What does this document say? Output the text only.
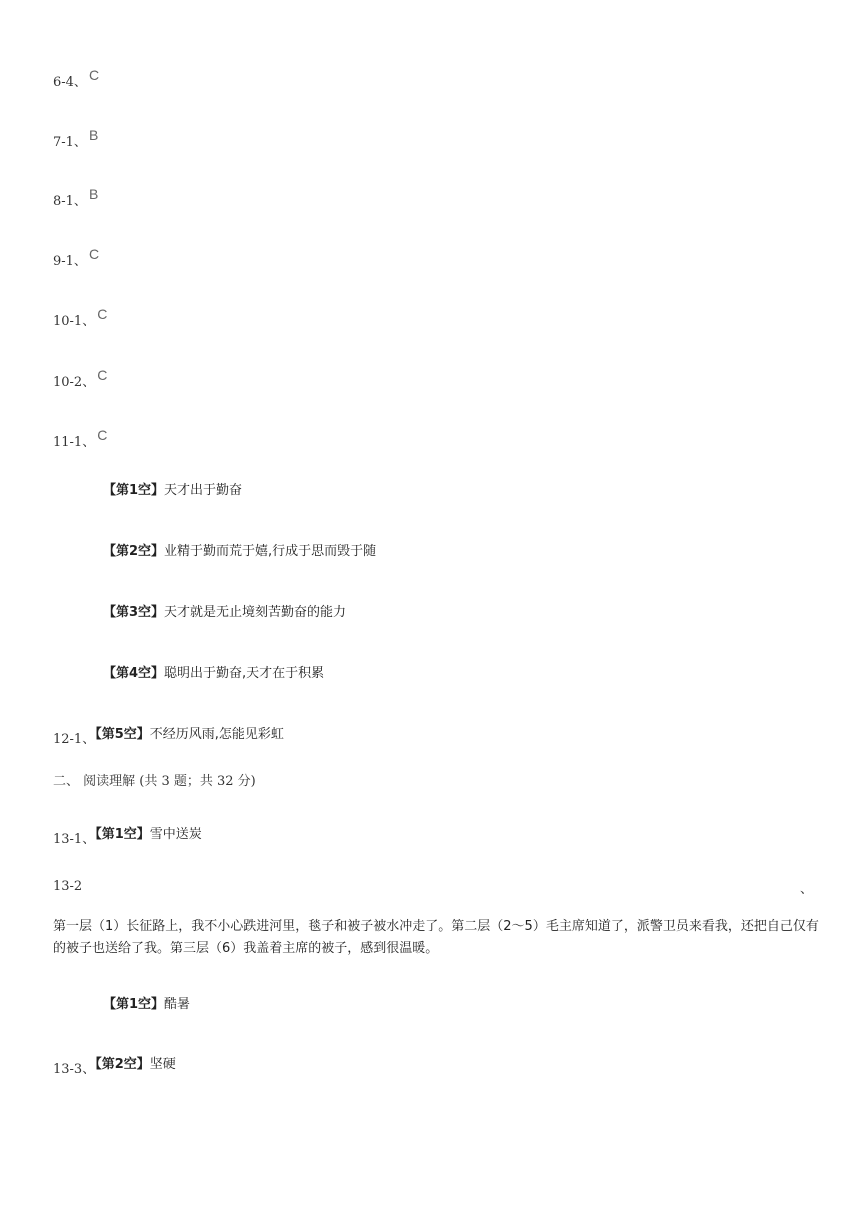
6-4、 C
7-1、 B
8-1、 B
9-1、 C
10-1、 C
10-2、 C
11-1、 C
【第1空】天才出于勤奋
【第2空】业精于勤而荒于嬉,行成于思而毁于随
【第3空】天才就是无止境刻苦勤奋的能力
【第4空】聪明出于勤奋,天才在于积累
$_{12-1、}$【第5空】不经历风雨,怎能见彩虹
二、 阅读理解 (共 3 题；共 32 分)
$_{13-1、}$【第1空】雪中送炭
13-2	、
第一层（1）长征路上，我不小心跌进河里，毯子和被子被水冲走了。第二层（2～5）毛主席知道了，派警卫员来看我，还把自己仅有的被子也送给了我。第三层（6）我盖着主席的被子，感到很温暖。
【第1空】酷暑
$_{13-3、}$【第2空】坚硬
